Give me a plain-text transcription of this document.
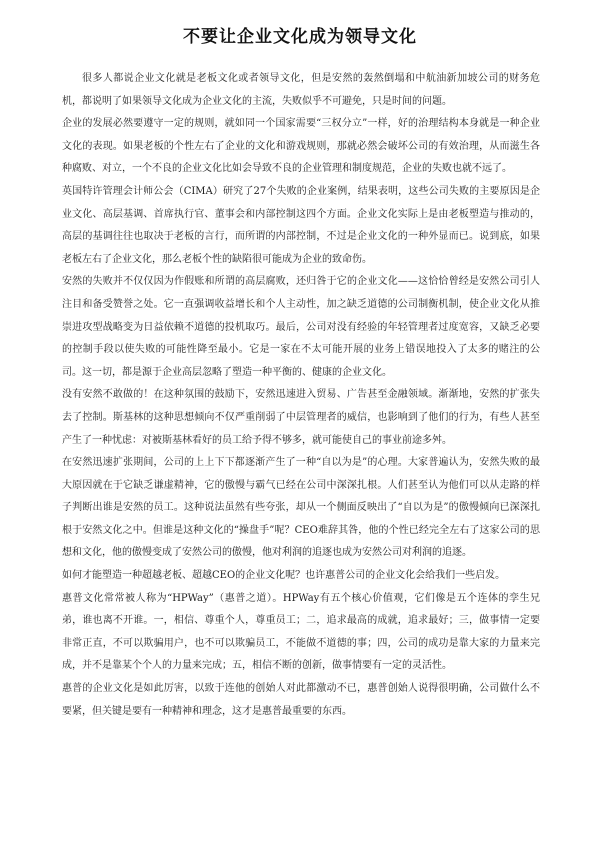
不要让企业文化成为领导文化

很多人都说企业文化就是老板文化或者领导文化，但是安然的轰然倒塌和中航油新加坡公司的财务危机，都说明了如果领导文化成为企业文化的主流，失败似乎不可避免，只是时间的问题。

企业的发展必然要遵守一定的规则，就如同一个国家需要“三权分立”一样，好的治理结构本身就是一种企业文化的表现。如果老板的个性左右了企业的文化和游戏规则，那就必然会破坏公司的有效治理，从而滋生各种腐败、对立，一个不良的企业文化比如会导致不良的企业管理和制度规范，企业的失败也就不远了。

英国特许管理会计师公会（CIMA）研究了27个失败的企业案例，结果表明，这些公司失败的主要原因是企业文化、高层基调、首席执行官、董事会和内部控制这四个方面。企业文化实际上是由老板塑造与推动的，高层的基调往往也取决于老板的言行，而所谓的内部控制，不过是企业文化的一种外显而已。说到底，如果老板左右了企业文化，那么老板个性的缺陷很可能成为企业的致命伤。

安然的失败并不仅仅因为作假账和所谓的高层腐败，还归咎于它的企业文化——这恰恰曾经是安然公司引人注目和备受赞誉之处。它一直强调收益增长和个人主动性，加之缺乏道德的公司制衡机制，使企业文化从推崇进攻型战略变为日益依赖不道德的投机取巧。最后，公司对没有经验的年轻管理者过度宽容，又缺乏必要的控制手段以使失败的可能性降至最小。它是一家在不太可能开展的业务上错误地投入了太多的赌注的公司。这一切，都是源于企业高层忽略了塑造一种平衡的、健康的企业文化。

没有安然不敢做的！在这种氛围的鼓励下，安然迅速进入贸易、广告甚至金融领域。渐渐地，安然的扩张失去了控制。斯基林的这种思想倾向不仅严重削弱了中层管理者的威信，也影响到了他们的行为，有些人甚至产生了一种忧虑：对被斯基林看好的员工给予得不够多，就可能使自己的事业前途多舛。

在安然迅速扩张期间，公司的上上下下都逐渐产生了一种“自以为是”的心理。大家普遍认为，安然失败的最大原因就在于它缺乏谦虚精神，它的傲慢与霸气已经在公司中深深扎根。人们甚至认为他们可以从走路的样子判断出谁是安然的员工。这种说法虽然有些夸张，却从一个侧面反映出了“自以为是”的傲慢倾向已深深扎根于安然文化之中。但谁是这种文化的“操盘手”呢？CEO难辞其咎，他的个性已经完全左右了这家公司的思想和文化，他的傲慢变成了安然公司的傲慢，他对利润的追逐也成为安然公司对利润的追逐。

如何才能塑造一种超越老板、超越CEO的企业文化呢？也许惠普公司的企业文化会给我们一些启发。

惠普文化常常被人称为“HPWay”（惠普之道）。HPWay有五个核心价值观，它们像是五个连体的孪生兄弟，谁也离不开谁。一，相信、尊重个人，尊重员工；二，追求最高的成就，追求最好；三，做事情一定要非常正直，不可以欺骗用户，也不可以欺骗员工，不能做不道德的事；四，公司的成功是靠大家的力量来完成，并不是靠某个个人的力量来完成；五，相信不断的创新，做事情要有一定的灵活性。

惠普的企业文化是如此厉害，以致于连他的创始人对此都激动不已，惠普创始人说得很明确，公司做什么不要紧，但关键是要有一种精神和理念，这才是惠普最重要的东西。
